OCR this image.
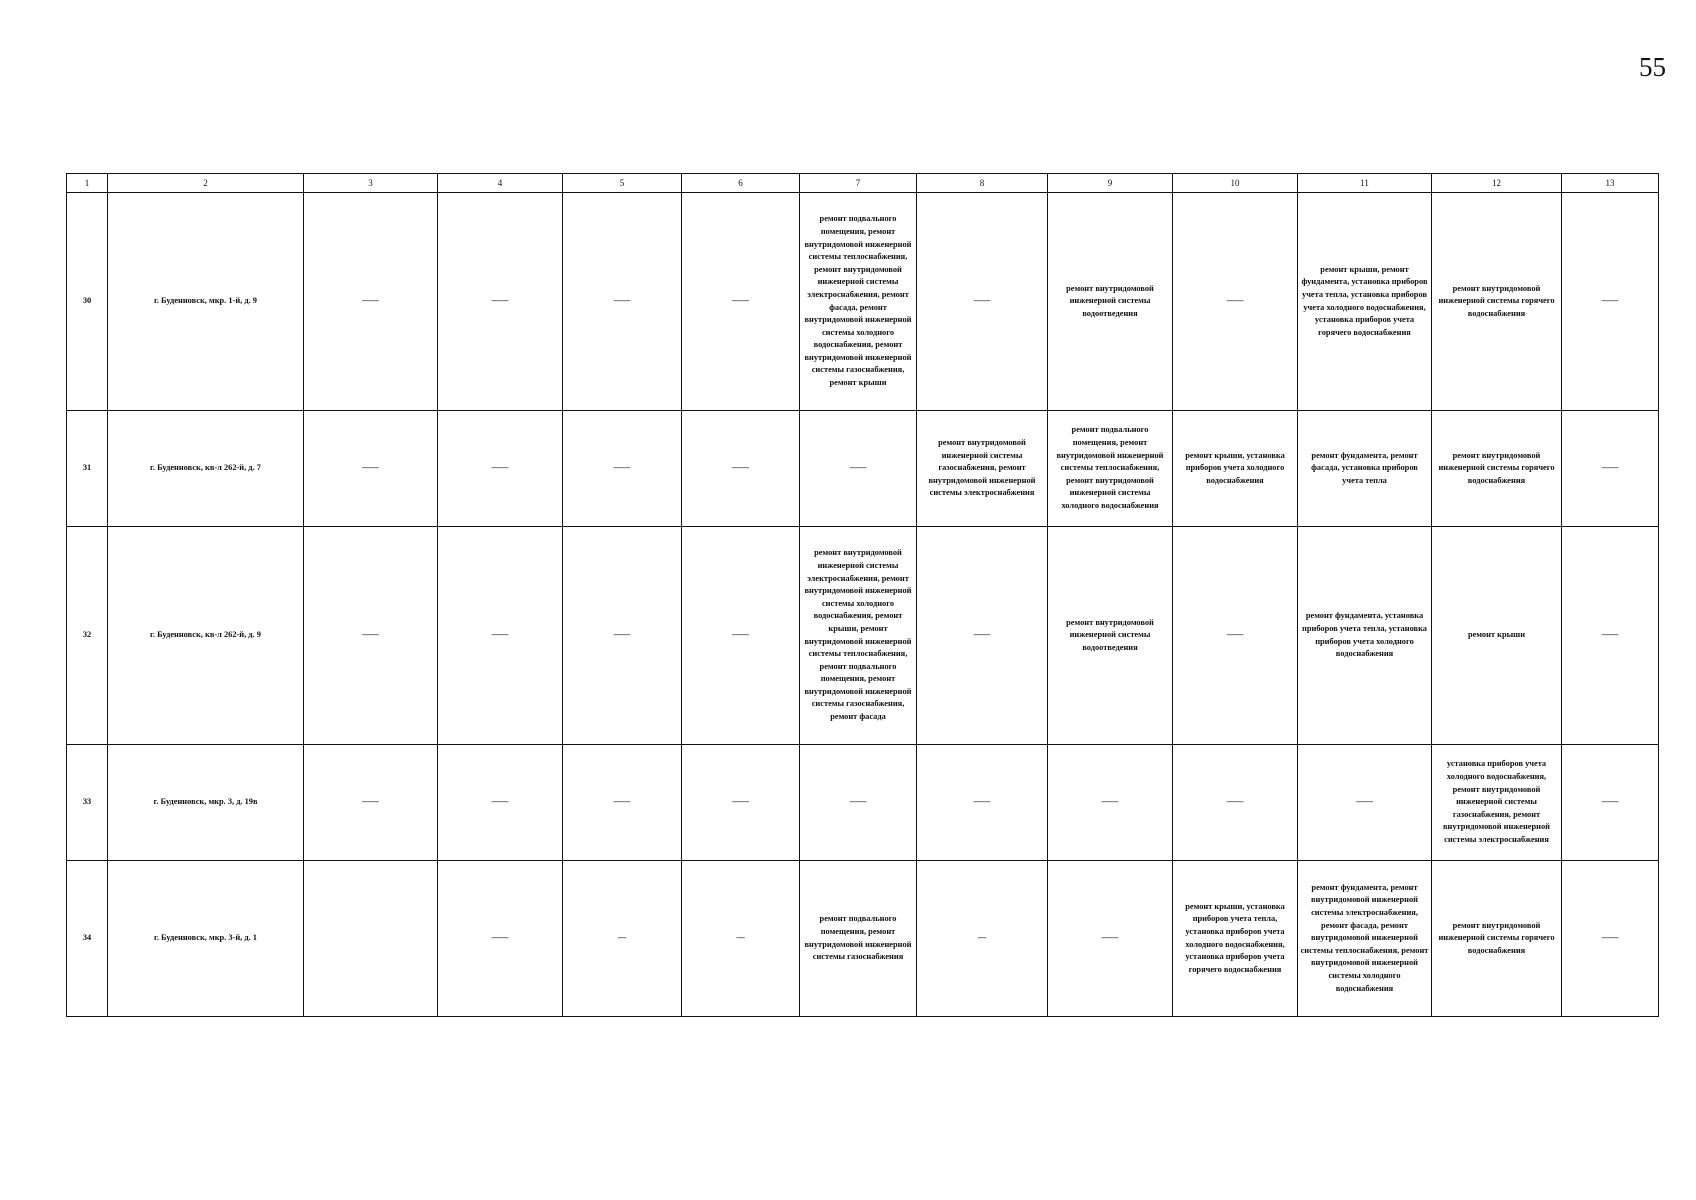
55
1	2	3	4	5	6	7	8	9	10	11	12	13
30	г. Буденновск, мкр. 1-й, д. 9	——	——	——	——	ремонт подвального помещения, ремонт внутридомовой инженерной системы теплоснабжения, ремонт внутридомовой инженерной системы электроснабжения, ремонт фасада, ремонт внутридомовой инженерной системы холодного водоснабжения, ремонт внутридомовой инженерной системы газоснабжения, ремонт крыши	——	ремонт внутридомовой инженерной системы водоотведения	——	ремонт крыши, ремонт фундамента, установка приборов учета тепла, установка приборов учета холодного водоснабжения, установка приборов учета горячего водоснабжения	ремонт внутридомовой инженерной системы горячего водоснабжения	——
31	г. Буденновск, кв-л 262-й, д. 7	——	——	——	——	——	ремонт внутридомовой инженерной системы газоснабжения, ремонт внутридомовой инженерной системы электроснабжения	ремонт подвального помещения, ремонт внутридомовой инженерной системы теплоснабжения, ремонт внутридомовой инженерной системы холодного водоснабжения	ремонт крыши, установка приборов учета холодного водоснабжения	ремонт фундамента, ремонт фасада, установка приборов учета тепла	ремонт внутридомовой инженерной системы горячего водоснабжения	——
32	г. Буденновск, кв-л 262-й, д. 9	——	——	——	——	ремонт внутридомовой инженерной системы электроснабжения, ремонт внутридомовой инженерной системы холодного водоснабжения, ремонт крыши, ремонт внутридомовой инженерной системы теплоснабжения, ремонт подвального помещения, ремонт внутридомовой инженерной системы газоснабжения, ремонт фасада	——	ремонт внутридомовой инженерной системы водоотведения	——	ремонт фундамента, установка приборов учета тепла, установка приборов учета холодного водоснабжения	ремонт крыши	——
33	г. Буденновск, мкр. 3, д. 19в	——	——	——	——	——	——	——	——	——	установка приборов учета холодного водоснабжения, ремонт внутридомовой инженерной системы газоснабжения, ремонт внутридомовой инженерной системы электроснабжения	——
34	г. Буденновск, мкр. 3-й, д. 1		——	—	—	ремонт подвального помещения, ремонт внутридомовой инженерной системы газоснабжения	—	——	ремонт крыши, установка приборов учета тепла, установка приборов учета холодного водоснабжения, установка приборов учета горячего водоснабжения	ремонт фундамента, ремонт внутридомовой инженерной системы электроснабжения, ремонт фасада, ремонт внутридомовой инженерной системы теплоснабжения, ремонт внутридомовой инженерной системы холодного водоснабжения	ремонт внутридомовой инженерной системы горячего водоснабжения	——
